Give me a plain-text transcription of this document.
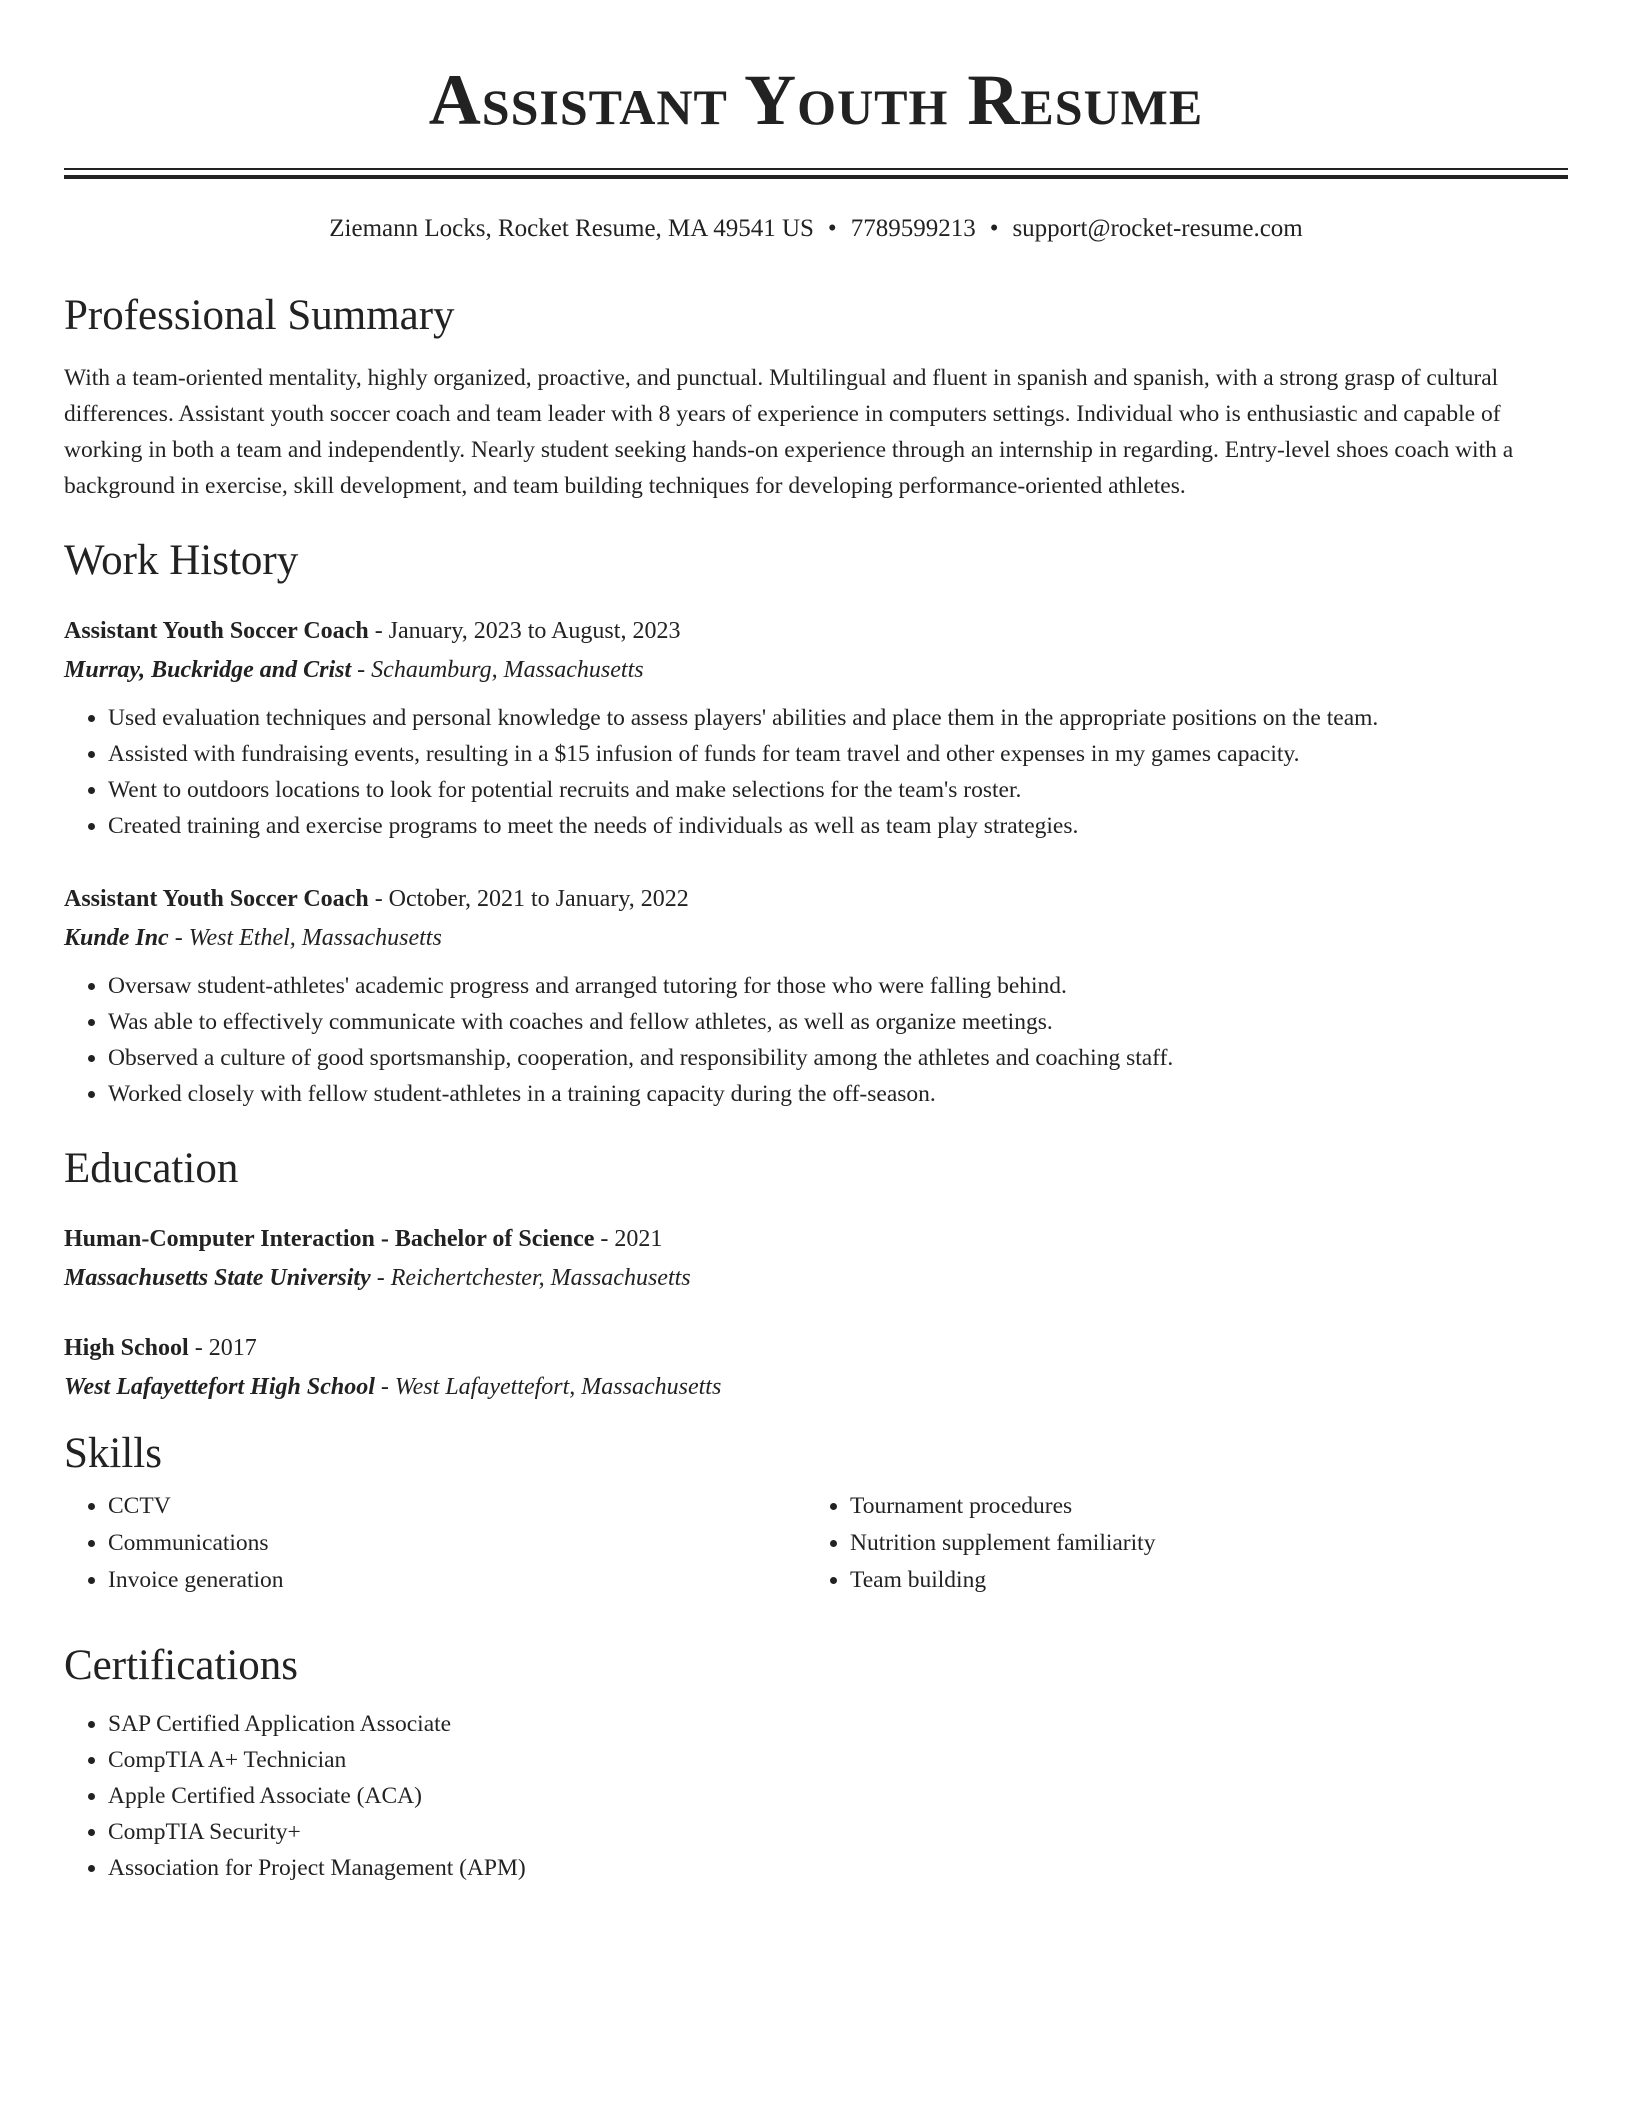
Assistant Youth Resume
Ziemann Locks, Rocket Resume, MA 49541 US • 7789599213 • support@rocket-resume.com
Professional Summary

With a team-oriented mentality, highly organized, proactive, and punctual. Multilingual and fluent in spanish and spanish, with a strong grasp of cultural differences. Assistant youth soccer coach and team leader with 8 years of experience in computers settings. Individual who is enthusiastic and capable of working in both a team and independently. Nearly student seeking hands-on experience through an internship in regarding. Entry-level shoes coach with a background in exercise, skill development, and team building techniques for developing performance-oriented athletes.

Work History
Assistant Youth Soccer Coach - January, 2023 to August, 2023
Murray, Buckridge and Crist - Schaumburg, Massachusetts
• Used evaluation techniques and personal knowledge to assess players' abilities and place them in the appropriate positions on the team.
• Assisted with fundraising events, resulting in a $15 infusion of funds for team travel and other expenses in my games capacity.
• Went to outdoors locations to look for potential recruits and make selections for the team's roster.
• Created training and exercise programs to meet the needs of individuals as well as team play strategies.
Assistant Youth Soccer Coach - October, 2021 to January, 2022
Kunde Inc - West Ethel, Massachusetts
• Oversaw student-athletes' academic progress and arranged tutoring for those who were falling behind.
• Was able to effectively communicate with coaches and fellow athletes, as well as organize meetings.
• Observed a culture of good sportsmanship, cooperation, and responsibility among the athletes and coaching staff.
• Worked closely with fellow student-athletes in a training capacity during the off-season.
Education
Human-Computer Interaction - Bachelor of Science - 2021
Massachusetts State University - Reichertchester, Massachusetts
High School - 2017
West Lafayettefort High School - West Lafayettefort, Massachusetts
Skills
• CCTV
• Communications
• Invoice generation
• Tournament procedures
• Nutrition supplement familiarity
• Team building
Certifications
• SAP Certified Application Associate
• CompTIA A+ Technician
• Apple Certified Associate (ACA)
• CompTIA Security+
• Association for Project Management (APM)
